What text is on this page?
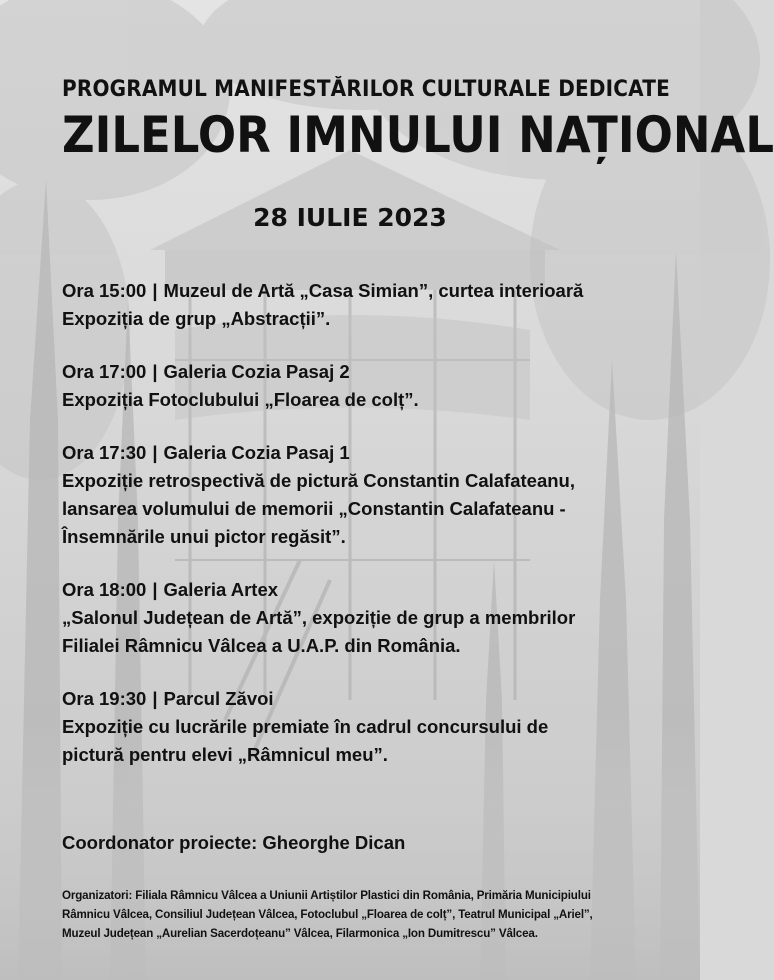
PROGRAMUL MANIFESTĂRILOR CULTURALE DEDICATE
ZILELOR IMNULUI NAȚIONAL
28 IULIE 2023
Ora 15:00 | Muzeul de Artă „Casa Simian”, curtea interioară
Expoziția de grup „Abstracții”.
Ora 17:00 | Galeria Cozia Pasaj 2
Expoziția Fotoclubului „Floarea de colț”.
Ora 17:30 | Galeria Cozia Pasaj 1
Expoziție retrospectivă de pictură Constantin Calafateanu,
lansarea volumului de memorii „Constantin Calafateanu -
Însemnările unui pictor regăsit”.
Ora 18:00 | Galeria Artex
„Salonul Județean de Artă”, expoziție de grup a membrilor
Filialei Râmnicu Vâlcea a U.A.P. din România.
Ora 19:30 | Parcul Zăvoi
Expoziție cu lucrările premiate în cadrul concursului de
pictură pentru elevi „Râmnicul meu”.
Coordonator proiecte: Gheorghe Dican
Organizatori: Filiala Râmnicu Vâlcea a Uniunii Artiștilor Plastici din România, Primăria Municipiului
Râmnicu Vâlcea, Consiliul Județean Vâlcea, Fotoclubul „Floarea de colț”, Teatrul Municipal „Ariel”,
Muzeul Județean „Aurelian Sacerdoțeanu” Vâlcea, Filarmonica „Ion Dumitrescu” Vâlcea.
